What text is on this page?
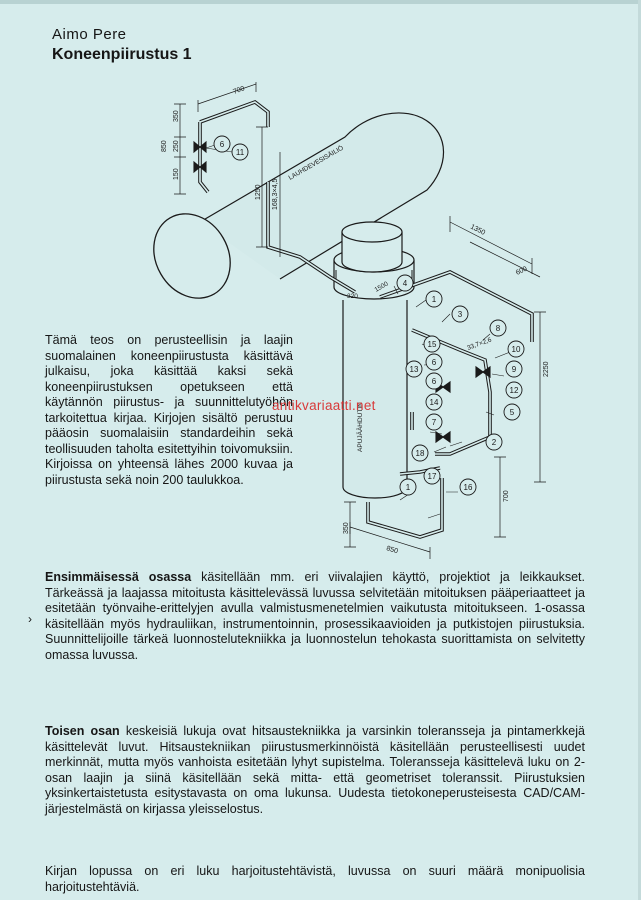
Aimo Pere
Koneenpiirustus 1
LAUHDEVESISÄILIÖ
APUJÄÄHDUTIN
700
350
250
150
850
1250 168,3×4,5
1350
600
2250
33,7×2,6
700
850
350
320
1500
6
11
4
1
3
15
8
13
6
10
6
9
12
14
5
7
2
18
16
17
1

Tämä teos on perusteellisin ja laajin suomalainen koneenpiirustusta käsittävä julkaisu, joka käsittää kaksi sekä koneenpiirustuksen opetukseen että käytännön piirustus- ja suunnittelutyöhön tarkoitettua kirjaa. Kirjojen sisältö perustuu pääosin suomalaisiin standardeihin sekä teollisuuden taholta esitettyihin toivomuksiin. Kirjoissa on yhteensä lähes 2000 kuvaa ja piirustusta sekä noin 200 taulukkoa.

antikvariaatti.net
›

Ensimmäisessä osassa käsitellään mm. eri viivalajien käyttö, projektiot ja leikkaukset. Tärkeässä ja laajassa mitoitusta käsittelevässä luvussa selvitetään mitoituksen pääperiaatteet ja esitetään työnvaihe-erittelyjen avulla valmistusmenetelmien vaikutusta mitoitukseen. 1-osassa käsitellään myös hydrauliikan, instrumentoinnin, prosessikaavioiden ja putkistojen piirustuksia. Suunnittelijoille tärkeä luonnostelutekniikka ja luonnostelun tehokasta suorittamista on selvitetty omassa luvussa.

Toisen osan keskeisiä lukuja ovat hitsaustekniikka ja varsinkin toleransseja ja pintamerkkejä käsittelevät luvut. Hitsaustekniikan piirustusmerkinnöistä käsitellään perusteellisesti uudet merkinnät, mutta myös vanhoista esitetään lyhyt supistelma. Toleransseja käsittelevä luku on 2-osan laajin ja siinä käsitellään sekä mitta- että geometriset toleranssit. Piirustuksien yksinkertaistetusta esitystavasta on oma lukunsa. Uudesta tietokoneperusteisesta CAD/CAM-järjestelmästä on kirjassa yleisselostus.

Kirjan lopussa on eri luku harjoitustehtävistä, luvussa on suuri määrä monipuolisia harjoitustehtäviä.
